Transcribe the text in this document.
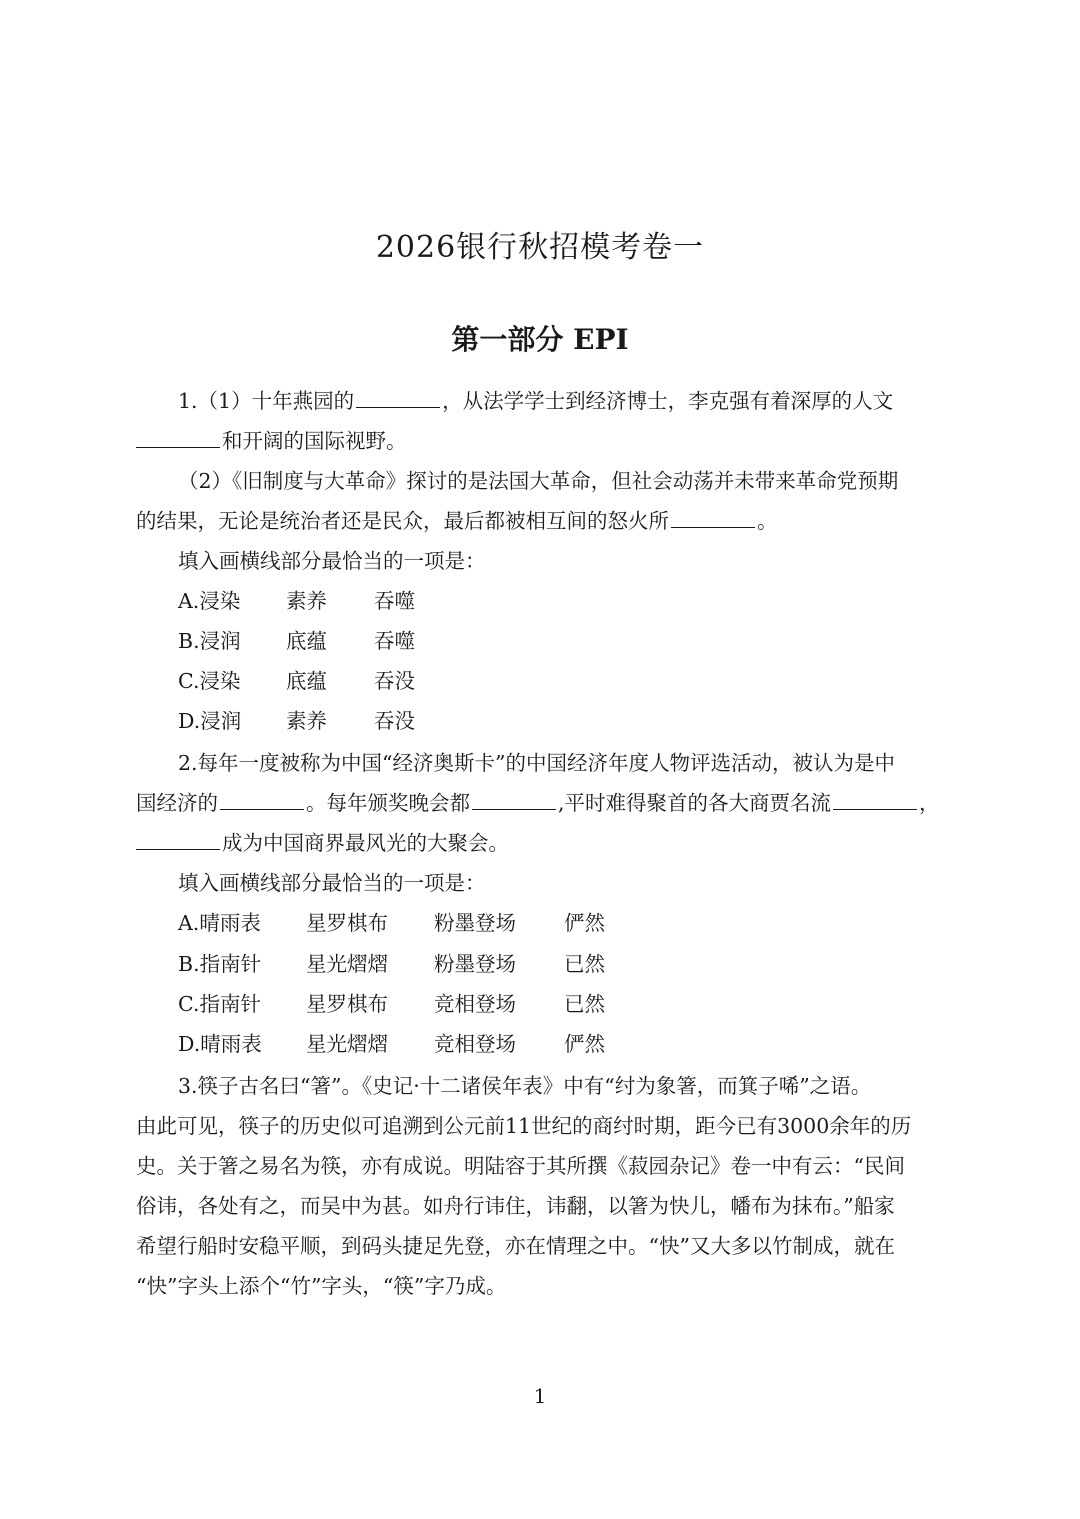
2026银行秋招模考卷一
第一部分 EPI
1.（1）十年燕园的	，从法学学士到经济博士，李克强有着深厚的人文
和开阔的国际视野。
（2）《旧制度与大革命》探讨的是法国大革命，但社会动荡并未带来革命党预期
的结果，无论是统治者还是民众，最后都被相互间的怒火所	。
填入画横线部分最恰当的一项是：
A.浸染 素养 吞噬
B.浸润 底蕴 吞噬
C.浸染 底蕴 吞没
D.浸润 素养 吞没
2.每年一度被称为中国“经济奥斯卡”的中国经济年度人物评选活动，被认为是中
国经济的	。每年颁奖晚会都	,平时难得聚首的各大商贾名流	，
成为中国商界最风光的大聚会。
填入画横线部分最恰当的一项是：
A.晴雨表 星罗棋布 粉墨登场 俨然
B.指南针 星光熠熠 粉墨登场 已然
C.指南针 星罗棋布 竞相登场 已然
D.晴雨表 星光熠熠 竞相登场 俨然
3.筷子古名曰“箸”。《史记·十二诸侯年表》中有“纣为象箸，而箕子唏”之语。
由此可见，筷子的历史似可追溯到公元前11世纪的商纣时期，距今已有3000余年的历
史。关于箸之易名为筷，亦有成说。明陆容于其所撰《菽园杂记》卷一中有云：“民间
俗讳，各处有之，而吴中为甚。如舟行讳住，讳翻，以箸为快儿，幡布为抹布。”船家
希望行船时安稳平顺，到码头捷足先登，亦在情理之中。“快”又大多以竹制成，就在
“快”字头上添个“竹”字头，“筷”字乃成。
1
